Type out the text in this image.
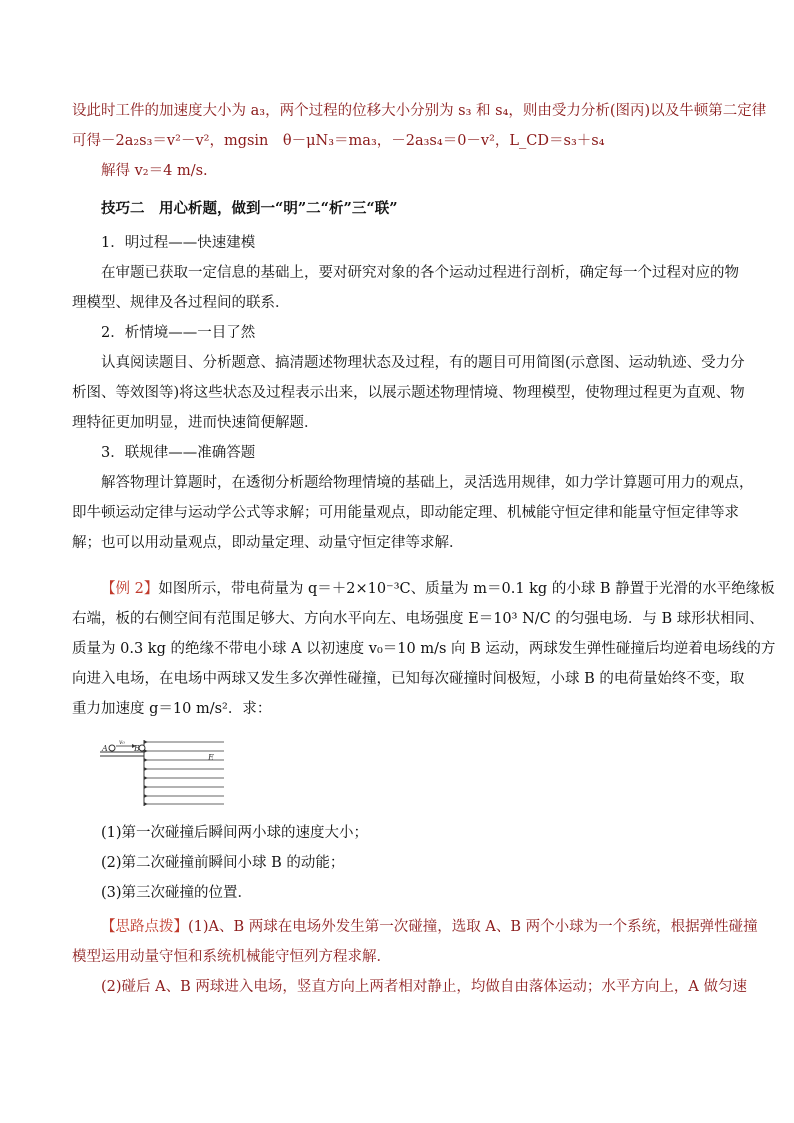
设此时工件的加速度大小为 a₃，两个过程的位移大小分别为 s₃ 和 s₄，则由受力分析(图丙)以及牛顿第二定律

可得－2a₂s₃＝v²－v²，mgsin　θ－μN₃＝ma₃，－2a₃s₄＝0－v²，L_CD＝s₃＋s₄

解得 v₂＝4 m/s.

技巧二　用心析题，做到一“明”二“析”三“联”

1．明过程——快速建模

在审题已获取一定信息的基础上，要对研究对象的各个运动过程进行剖析，确定每一个过程对应的物

理模型、规律及各过程间的联系．

2．析情境——一目了然

认真阅读题目、分析题意、搞清题述物理状态及过程，有的题目可用简图(示意图、运动轨迹、受力分

析图、等效图等)将这些状态及过程表示出来，以展示题述物理情境、物理模型，使物理过程更为直观、物

理特征更加明显，进而快速简便解题．

3．联规律——准确答题

解答物理计算题时，在透彻分析题给物理情境的基础上，灵活选用规律，如力学计算题可用力的观点，

即牛顿运动定律与运动学公式等求解；可用能量观点，即动能定理、机械能守恒定律和能量守恒定律等求

解；也可以用动量观点，即动量定理、动量守恒定律等求解．

【例 2】如图所示，带电荷量为 q＝＋2×10⁻³C、质量为 m＝0.1 kg 的小球 B 静置于光滑的水平绝缘板

右端，板的右侧空间有范围足够大、方向水平向左、电场强度 E＝10³ N/C 的匀强电场．与 B 球形状相同、

质量为 0.3 kg 的绝缘不带电小球 A 以初速度 v₀＝10 m/s 向 B 运动，两球发生弹性碰撞后均逆着电场线的方

向进入电场，在电场中两球又发生多次弹性碰撞，已知每次碰撞时间极短，小球 B 的电荷量始终不变，取

重力加速度 g＝10 m/s²．求：

A
v₀
B
E

(1)第一次碰撞后瞬间两小球的速度大小；

(2)第二次碰撞前瞬间小球 B 的动能；

(3)第三次碰撞的位置．

【思路点拨】(1)A、B 两球在电场外发生第一次碰撞，选取 A、B 两个小球为一个系统，根据弹性碰撞

模型运用动量守恒和系统机械能守恒列方程求解．

(2)碰后 A、B 两球进入电场，竖直方向上两者相对静止，均做自由落体运动；水平方向上，A 做匀速
